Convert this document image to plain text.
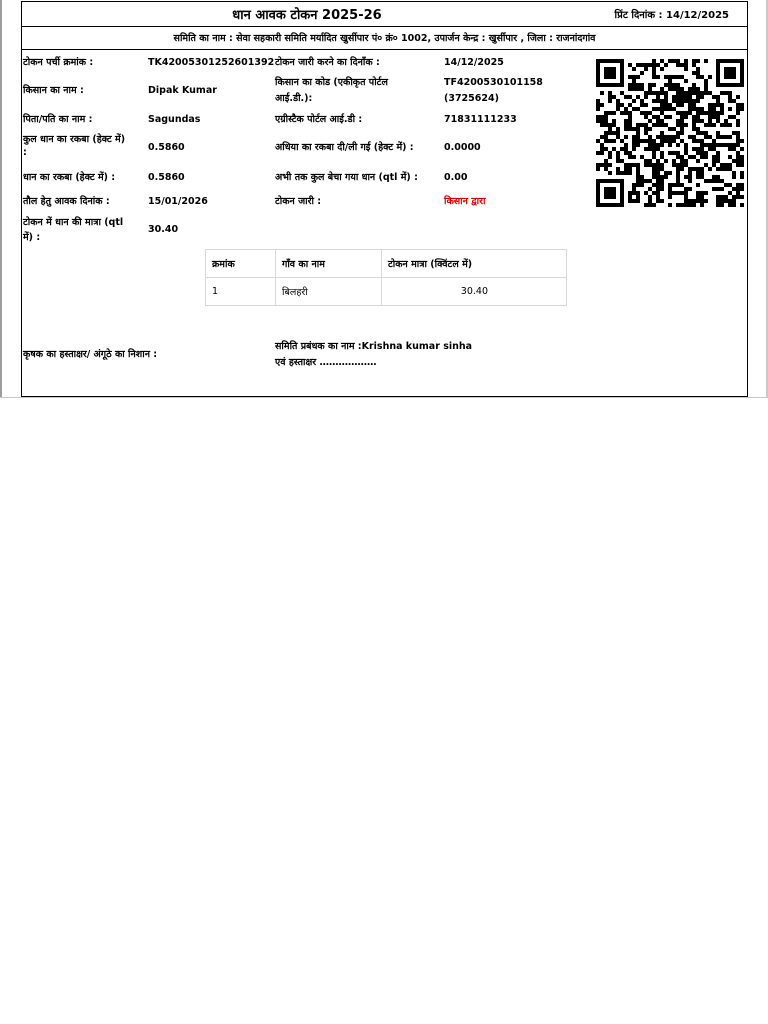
धान आवक टोकन 2025-26	प्रिंट दिनांक : 14/12/2025
समिति का नाम : सेवा सहकारी समिति मर्यादित खुर्सीपार पं० क्रं० 1002, उपार्जन केन्द्र : खुर्सीपार , जिला : राजनांदगांव
टोकन पर्ची क्रमांक :	TK42005301252601392 टोकन जारी करने का दिनाँक :	14/12/2025
किसान का नाम :	Dipak Kumar
किसान का कोड (एकीकृत पोर्टल
आई.डी.):
TF4200530101158
(3725624)
पिता/पति का नाम :	Sagundas	एग्रीस्टैक पोर्टल आई.डी :	71831111233
कुल धान का रकबा (हेक्ट में)
:	0.5860	अधिया का रकबा दी/ली गई (हेक्ट में) :	0.0000
धान का रकबा (हेक्ट में) :	0.5860	अभी तक कुल बेचा गया धान (qtl में) :	0.00
तौल हेतु आवक दिनांक :	15/01/2026	टोकन जारी :	किसान द्वारा
टोकन में धान की मात्रा (qtl
में) :
30.40
क्रमांक	गाँव का नाम	टोकन मात्रा (क्विंटल में)
1	बिलहरी	30.40
कृषक का हस्ताक्षर/ अंगूठे का निशान :
समिति प्रबंधक का नाम :Krishna kumar sinha
एवं हस्ताक्षर ………………
